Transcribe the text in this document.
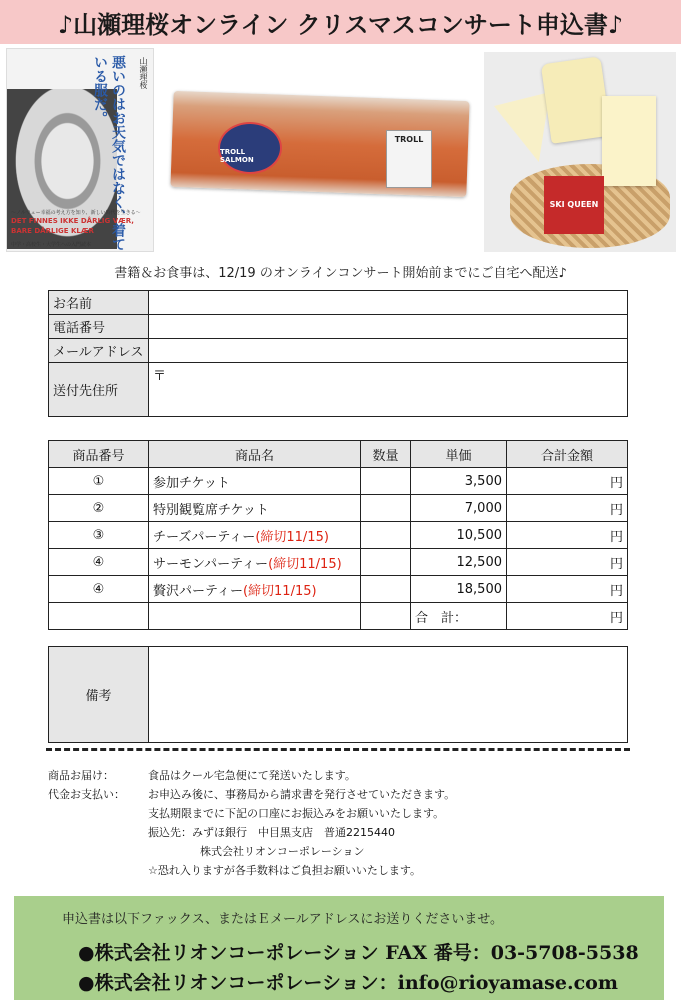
♪山瀬理桜オンライン クリスマスコンサート申込書♪
悪いのはお天気ではなく、着ている服だ。	山瀬理桜
～ノルウェー幸福の考え方を知り、新しい時代を生きる～
DET FINNES IKKE DÅRLIG VÆR,
BARE DÅRLIGE KLÆR
中学・高校生・大学生への入門読本
TROLL SALMON
TROLL
SKI QUEEN
書籍＆お食事は、12/19 のオンラインコンサート開始前までにご自宅へ配送♪
お名前	
電話番号	
メールアドレス	
送付先住所	〒
商品番号	商品名	数量	単価	合計金額
①	参加チケット		3,500	円
②	特別観覧席チケット		7,000	円
③	チーズパーティー(締切11/15)		10,500	円
④	サーモンパーティー(締切11/15)		12,500	円
④	贅沢パーティー(締切11/15)		18,500	円
			合　計：	円
備考	
商品お届け：	食品はクール宅急便にて発送いたします。
代金お支払い：	お申込み後に、事務局から請求書を発行させていただきます。
支払期限までに下記の口座にお振込みをお願いいたします。
振込先：みずほ銀行　中目黒支店　普通2215440
株式会社リオンコーポレーション
☆恐れ入りますが各手数料はご負担お願いいたします。
申込書は以下ファックス、またはＥメールアドレスにお送りくださいませ。
●株式会社リオンコーポレーション FAX 番号：03-5708-5538
●株式会社リオンコーポレーション：info@rioyamase.com
